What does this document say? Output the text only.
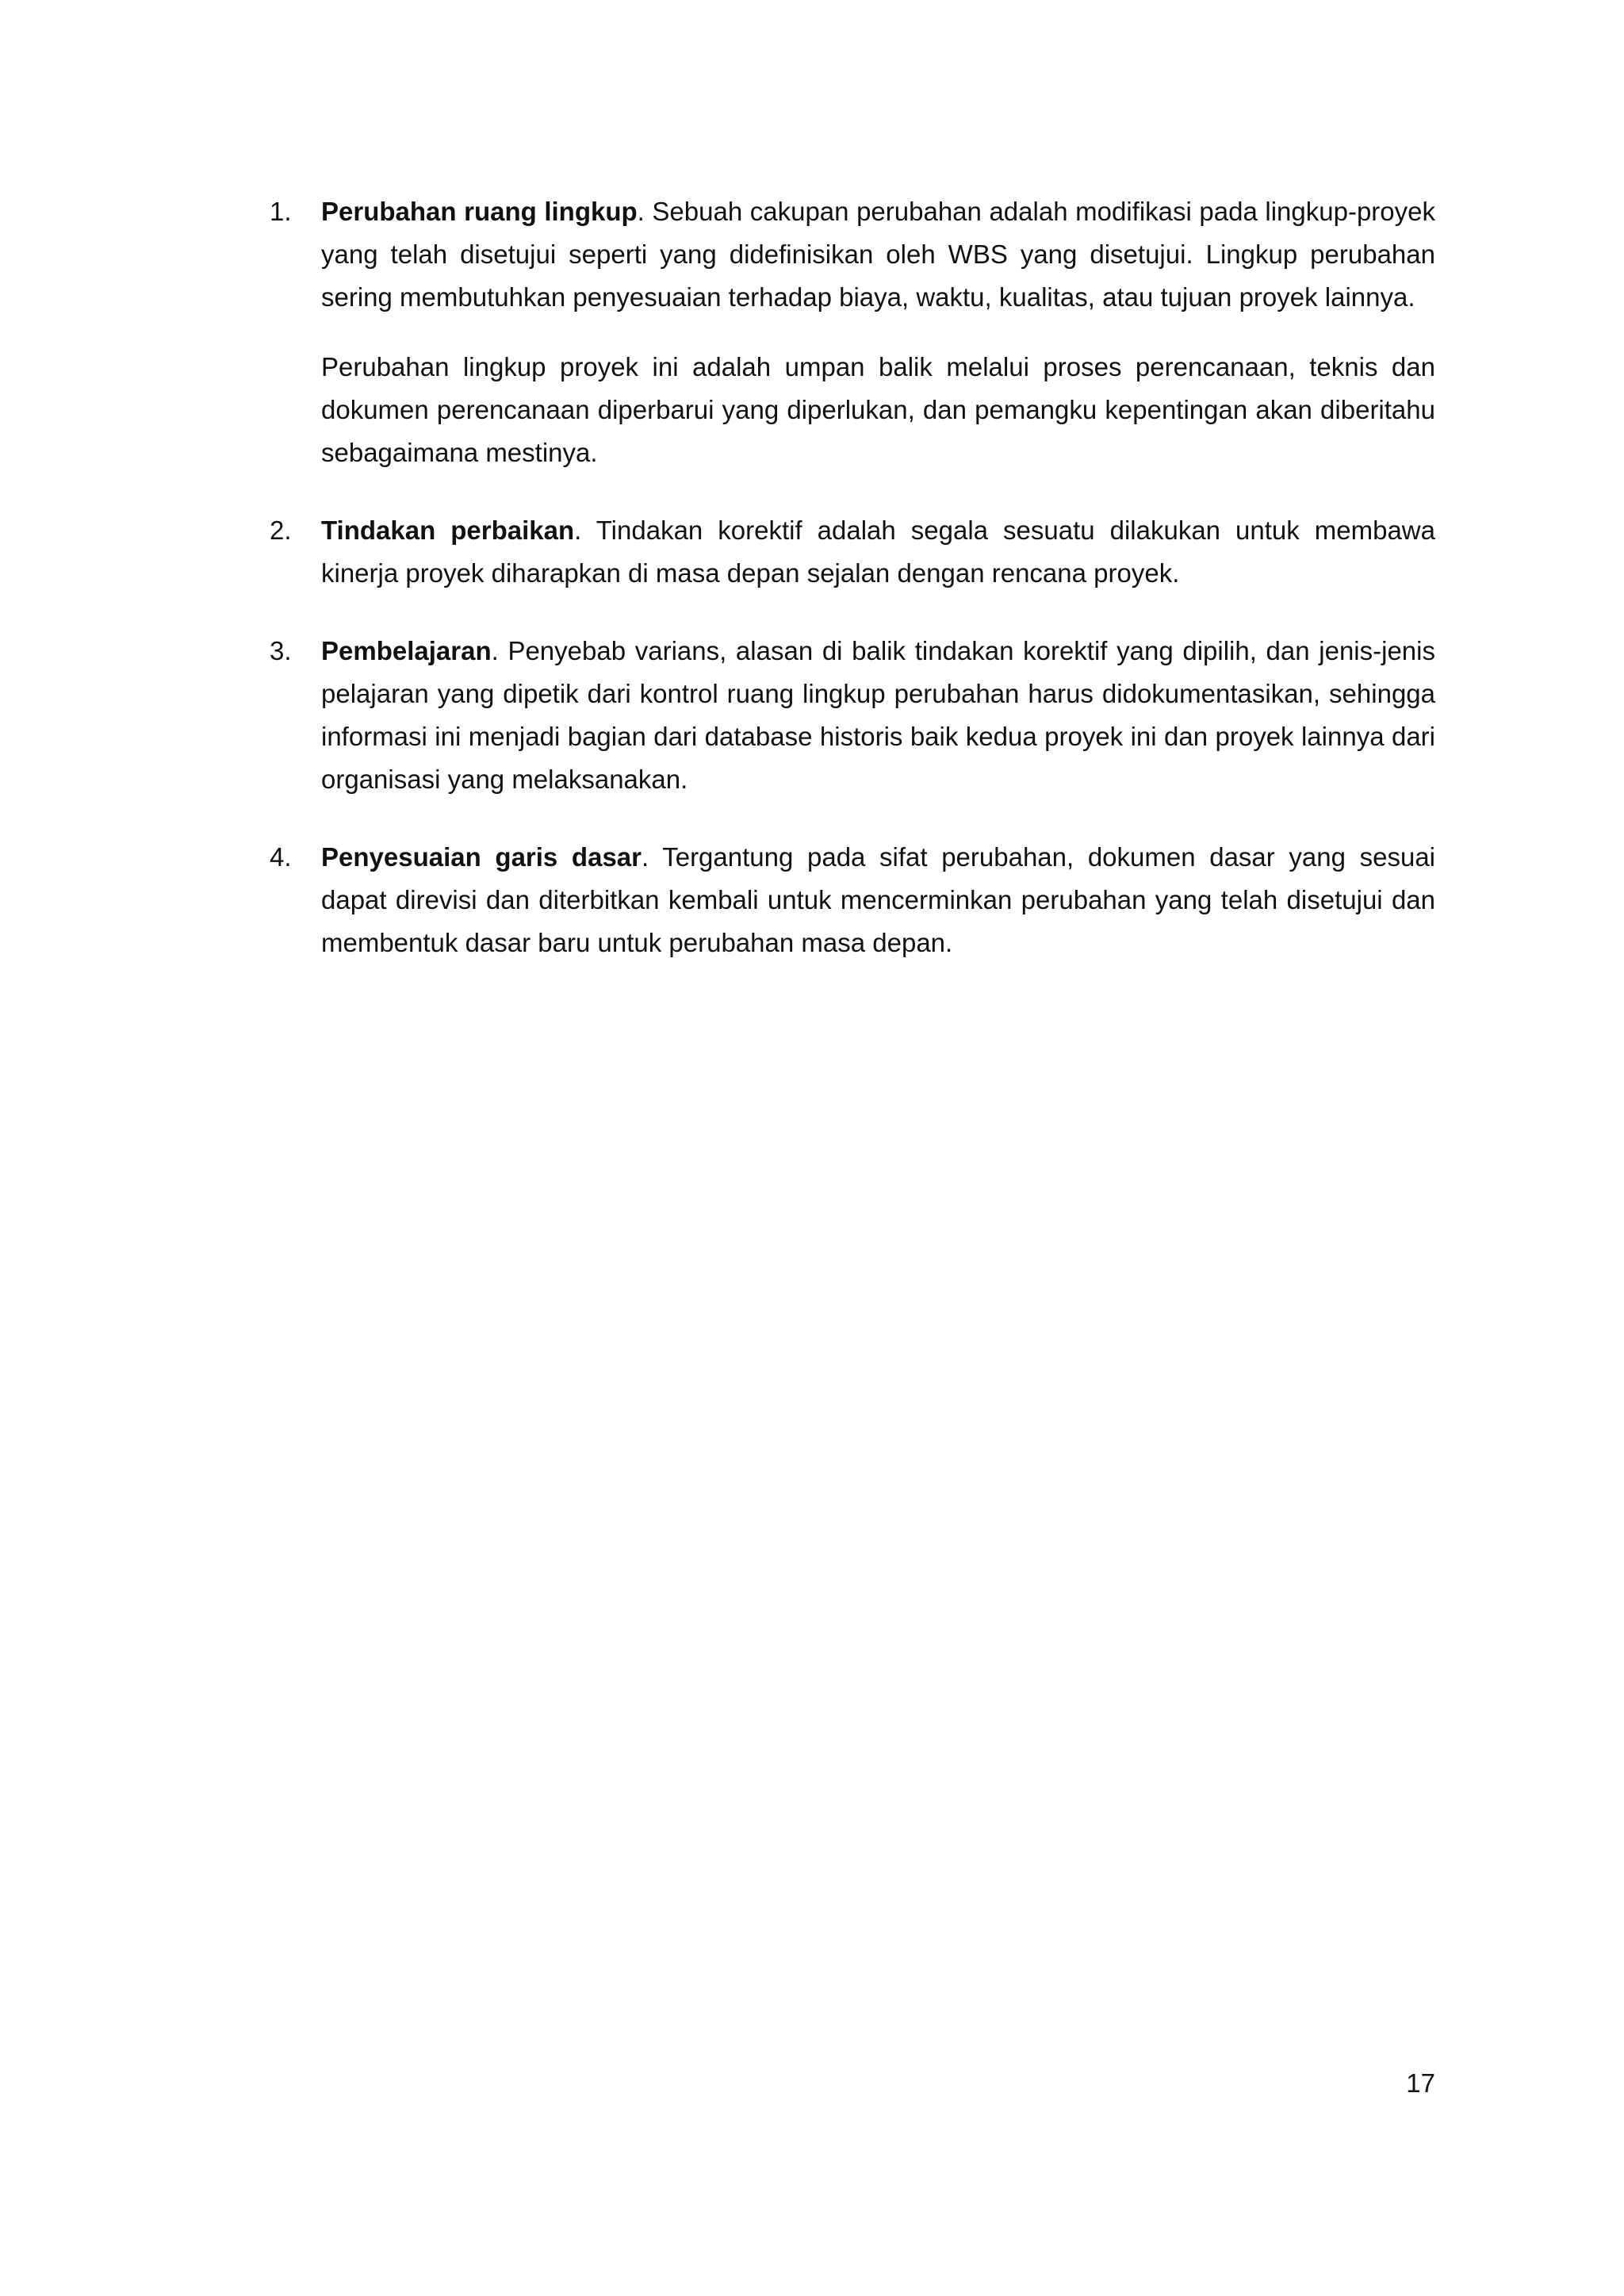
1. Perubahan ruang lingkup. Sebuah cakupan perubahan adalah modifikasi pada lingkup-proyek yang telah disetujui seperti yang didefinisikan oleh WBS yang disetujui. Lingkup perubahan sering membutuhkan penyesuaian terhadap biaya, waktu, kualitas, atau tujuan proyek lainnya.

Perubahan lingkup proyek ini adalah umpan balik melalui proses perencanaan, teknis dan dokumen perencanaan diperbarui yang diperlukan, dan pemangku kepentingan akan diberitahu sebagaimana mestinya.

2. Tindakan perbaikan. Tindakan korektif adalah segala sesuatu dilakukan untuk membawa kinerja proyek diharapkan di masa depan sejalan dengan rencana proyek.

3. Pembelajaran. Penyebab varians, alasan di balik tindakan korektif yang dipilih, dan jenis-jenis pelajaran yang dipetik dari kontrol ruang lingkup perubahan harus didokumentasikan, sehingga informasi ini menjadi bagian dari database historis baik kedua proyek ini dan proyek lainnya dari organisasi yang melaksanakan.

4. Penyesuaian garis dasar. Tergantung pada sifat perubahan, dokumen dasar yang sesuai dapat direvisi dan diterbitkan kembali untuk mencerminkan perubahan yang telah disetujui dan membentuk dasar baru untuk perubahan masa depan.

17
